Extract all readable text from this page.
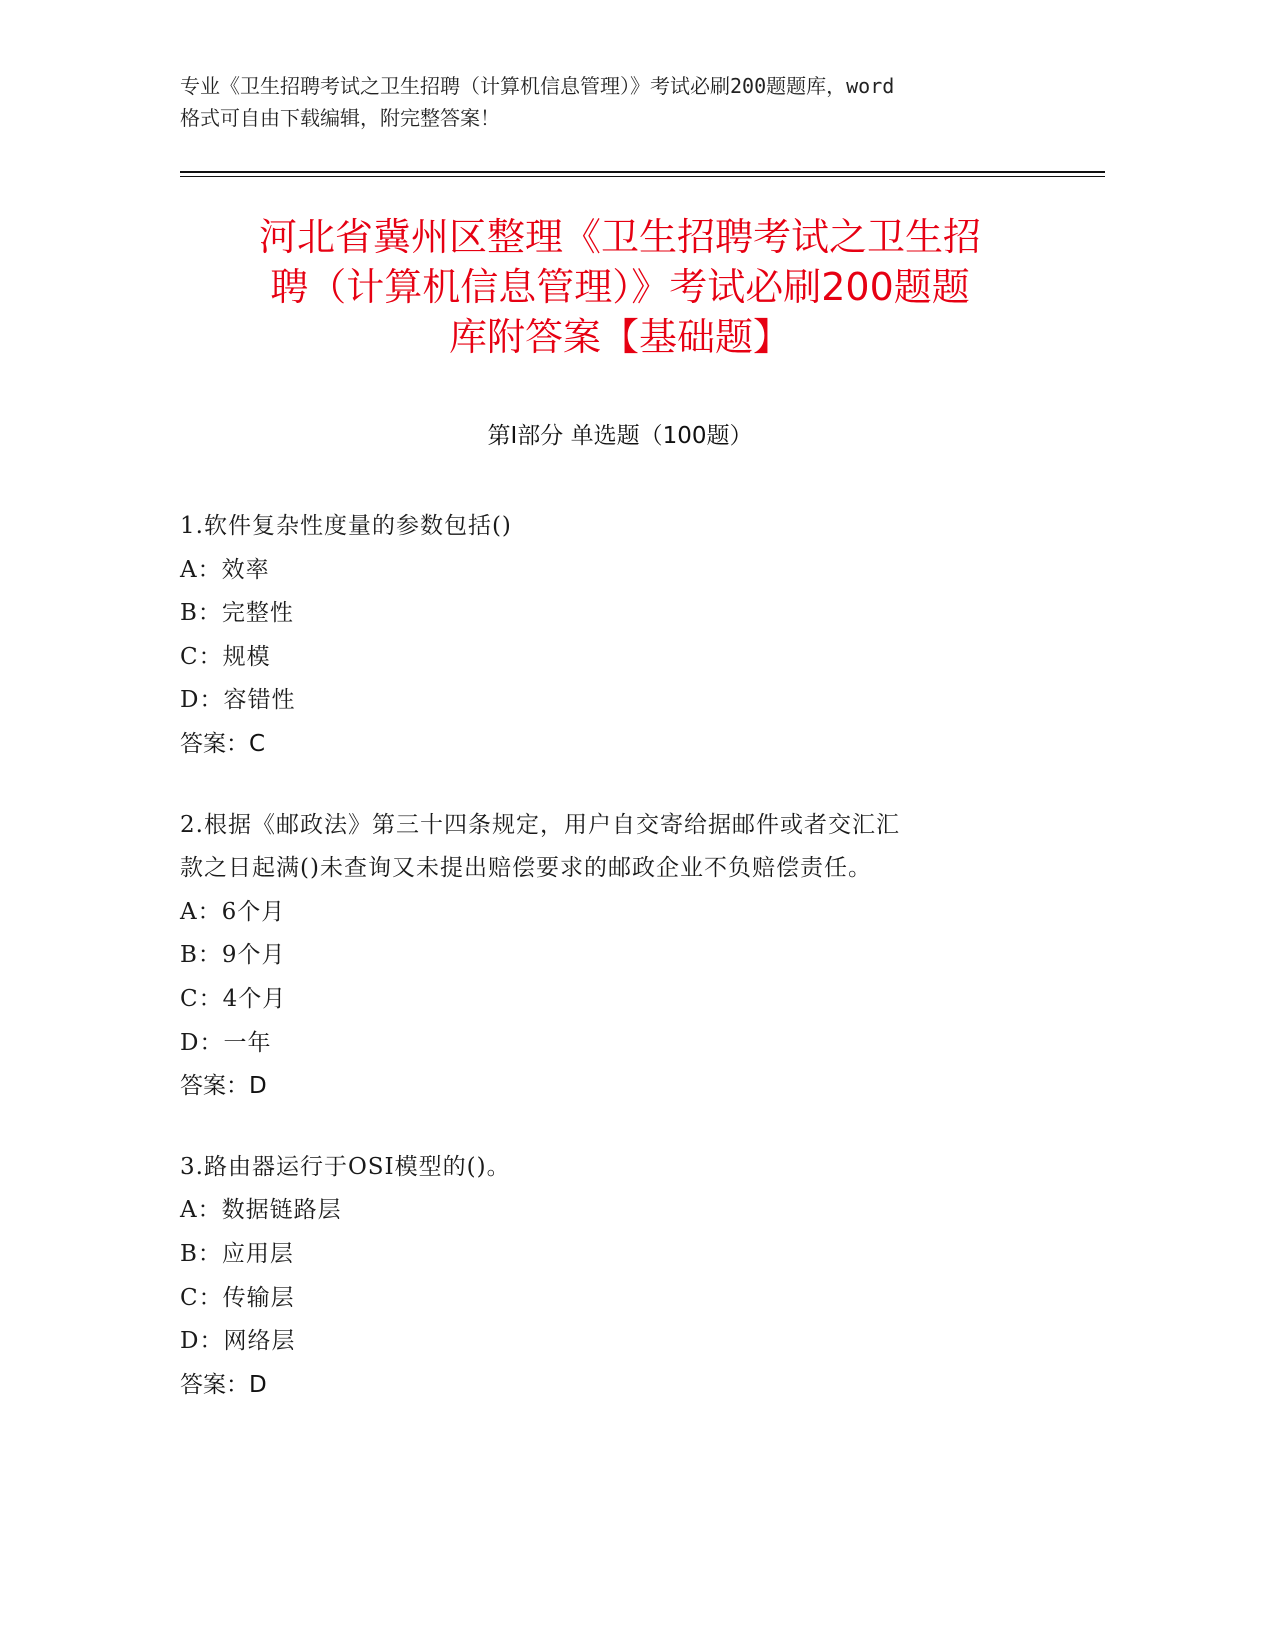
专业《卫生招聘考试之卫生招聘（计算机信息管理）》考试必刷200题题库，word
格式可自由下载编辑，附完整答案！
河北省冀州区整理《卫生招聘考试之卫生招
聘（计算机信息管理）》考试必刷200题题
库附答案【基础题】
第Ⅰ部分 单选题（100题）
1.软件复杂性度量的参数包括()
A：效率
B：完整性
C：规模
D：容错性
答案：C
2.根据《邮政法》第三十四条规定，用户自交寄给据邮件或者交汇汇
款之日起满()未查询又未提出赔偿要求的邮政企业不负赔偿责任。
A：6个月
B：9个月
C：4个月
D：一年
答案：D
3.路由器运行于OSI模型的()。
A：数据链路层
B：应用层
C：传输层
D：网络层
答案：D
